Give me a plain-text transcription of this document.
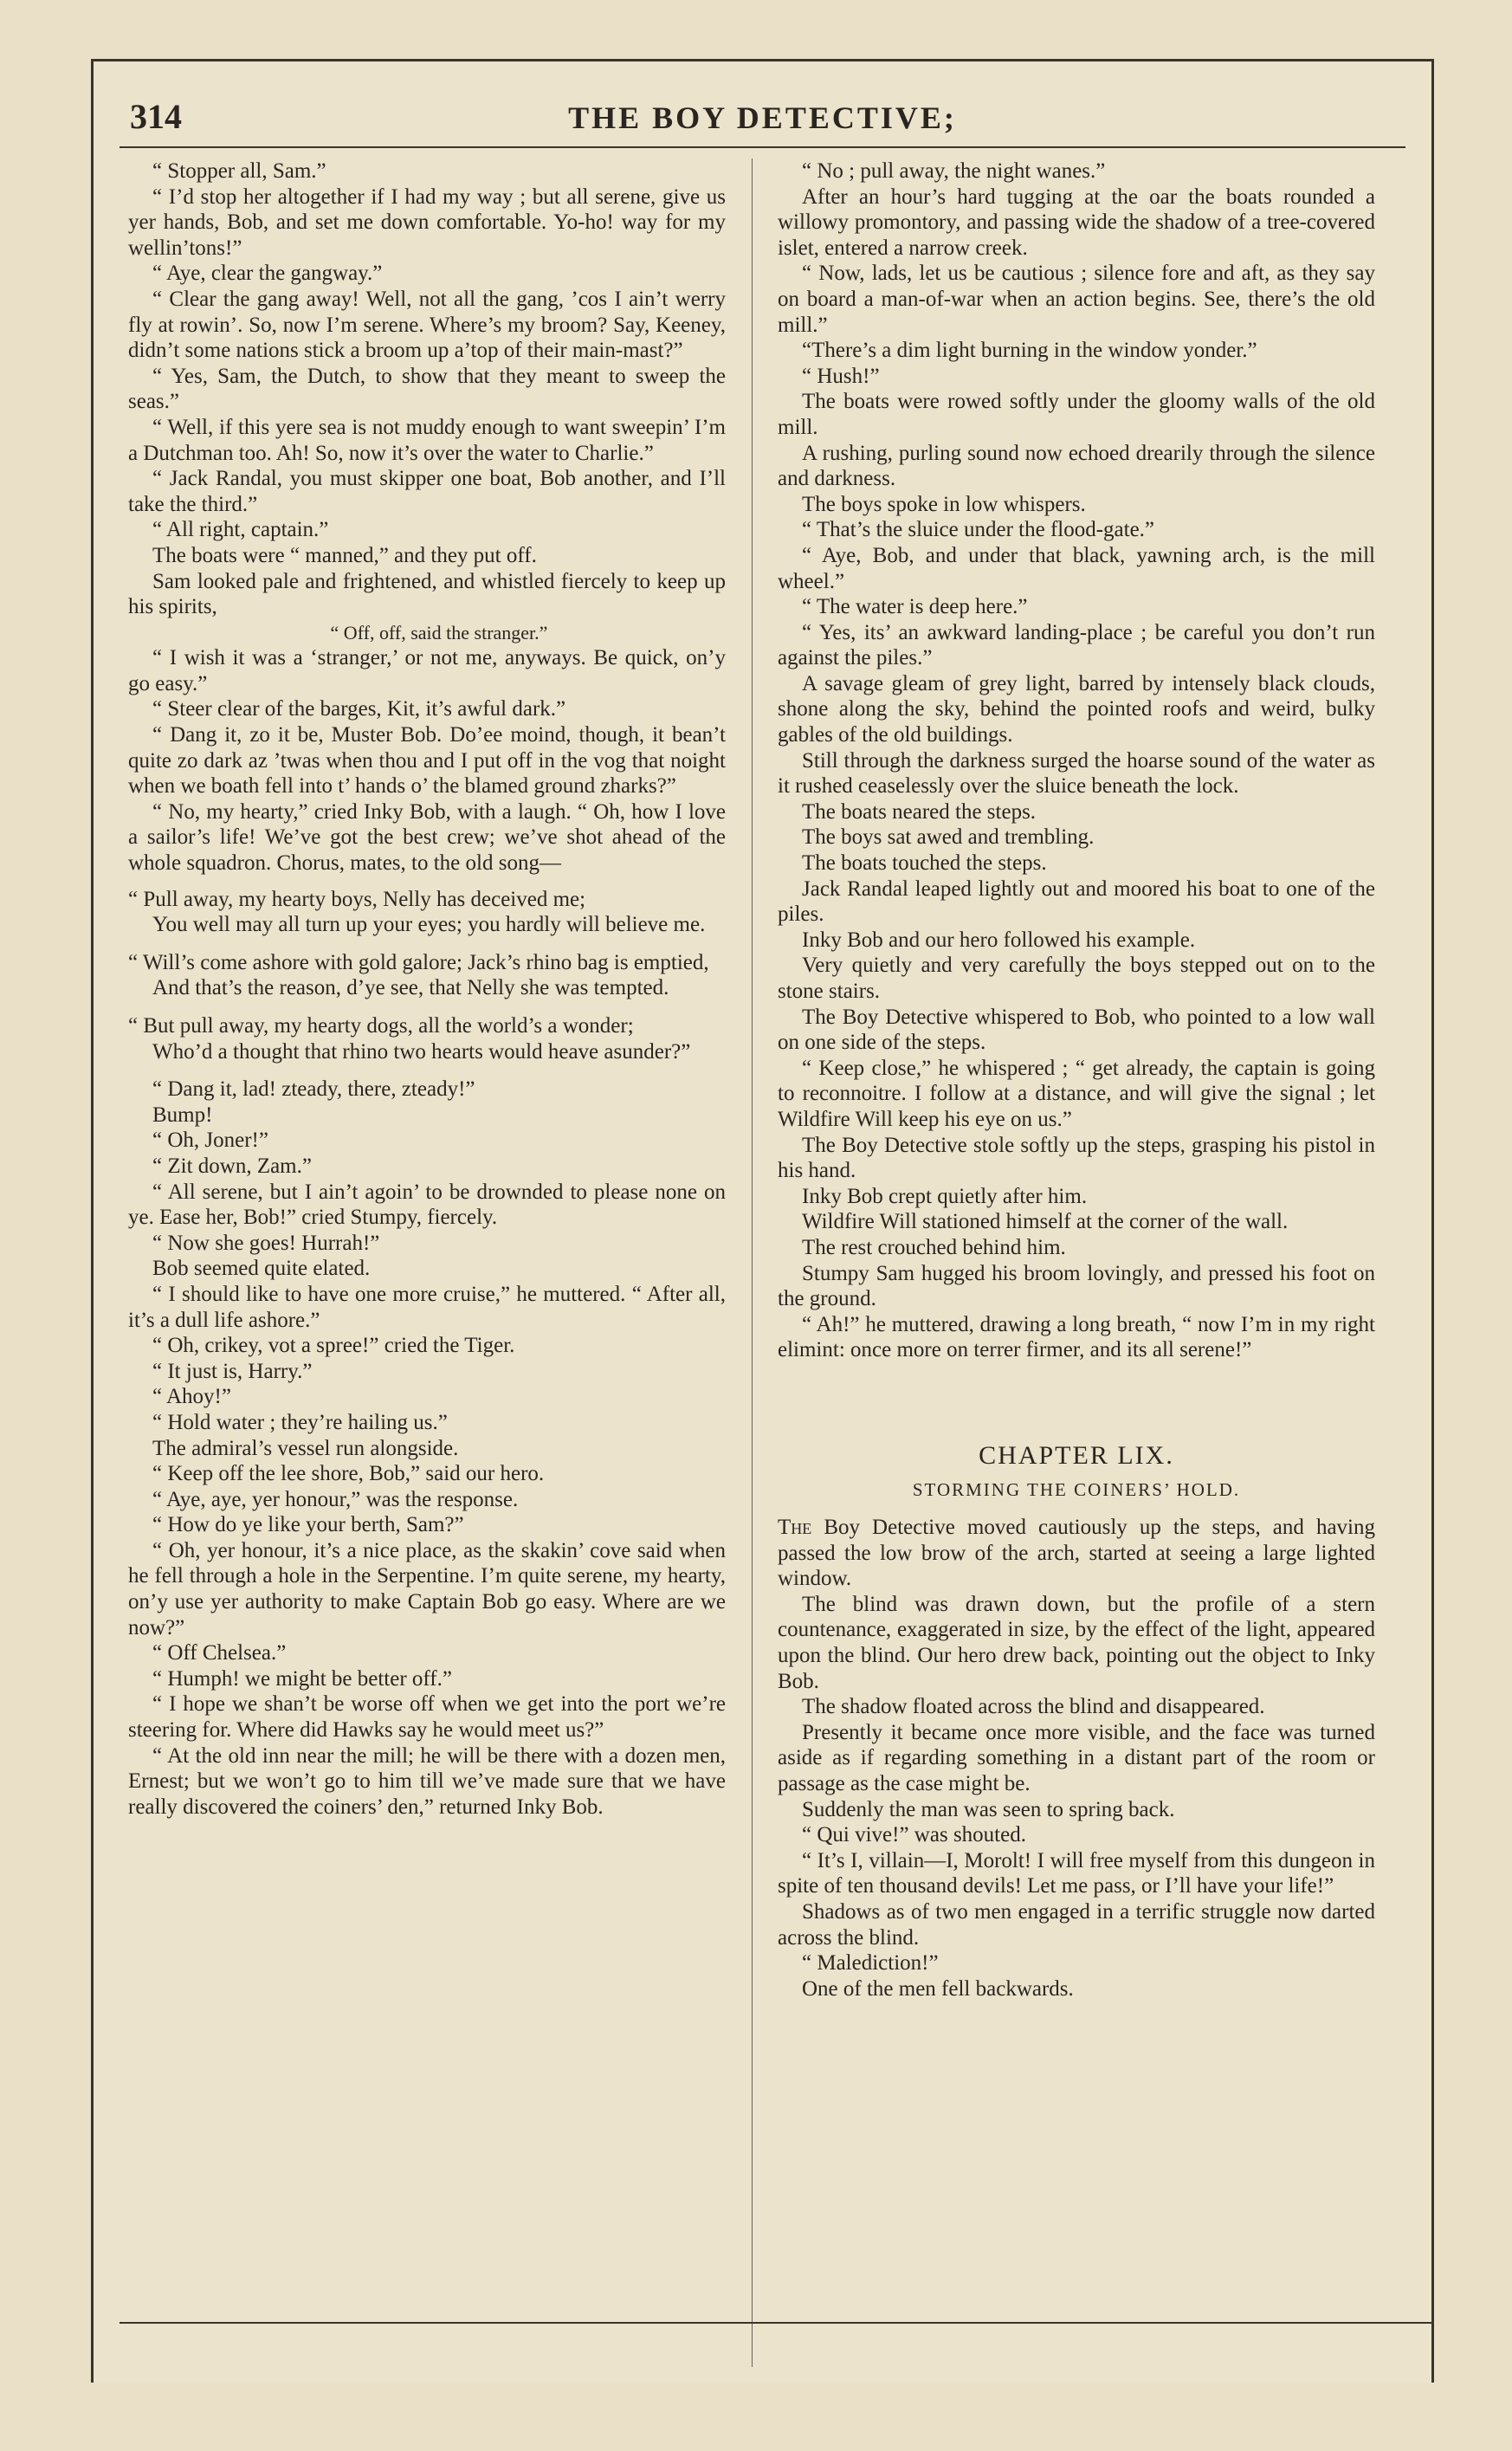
314	THE BOY DETECTIVE;

“ Stopper all, Sam.”

“ I’d stop her altogether if I had my way ; but all serene, give us yer hands, Bob, and set me down comfortable. Yo-ho! way for my wellin’tons!”

“ Aye, clear the gangway.”

“ Clear the gang away! Well, not all the gang, ’cos I ain’t werry fly at rowin’. So, now I’m serene. Where’s my broom? Say, Keeney, didn’t some nations stick a broom up a’top of their main-mast?”

“ Yes, Sam, the Dutch, to show that they meant to sweep the seas.”

“ Well, if this yere sea is not muddy enough to want sweepin’ I’m a Dutchman too. Ah! So, now it’s over the water to Charlie.”

“ Jack Randal, you must skipper one boat, Bob another, and I’ll take the third.”

“ All right, captain.”

The boats were “ manned,” and they put off.

Sam looked pale and frightened, and whistled fiercely to keep up his spirits,

“ Off, off, said the stranger.”

“ I wish it was a ‘stranger,’ or not me, anyways. Be quick, on’y go easy.”

“ Steer clear of the barges, Kit, it’s awful dark.”

“ Dang it, zo it be, Muster Bob. Do’ee moind, though, it bean’t quite zo dark az ’twas when thou and I put off in the vog that noight when we boath fell into t’ hands o’ the blamed ground zharks?”

“ No, my hearty,” cried Inky Bob, with a laugh. “ Oh, how I love a sailor’s life! We’ve got the best crew; we’ve shot ahead of the whole squadron. Chorus, mates, to the old song—

“ Pull away, my hearty boys, Nelly has deceived me;

You well may all turn up your eyes; you hardly will believe me.

“ Will’s come ashore with gold galore; Jack’s rhino bag is emptied,

And that’s the reason, d’ye see, that Nelly she was tempted.

“ But pull away, my hearty dogs, all the world’s a wonder;

Who’d a thought that rhino two hearts would heave asunder?”

“ Dang it, lad! zteady, there, zteady!”

Bump!

“ Oh, Joner!”

“ Zit down, Zam.”

“ All serene, but I ain’t agoin’ to be drownded to please none on ye. Ease her, Bob!” cried Stumpy, fiercely.

“ Now she goes! Hurrah!”

Bob seemed quite elated.

“ I should like to have one more cruise,” he muttered. “ After all, it’s a dull life ashore.”

“ Oh, crikey, vot a spree!” cried the Tiger.

“ It just is, Harry.”

“ Ahoy!”

“ Hold water ; they’re hailing us.”

The admiral’s vessel run alongside.

“ Keep off the lee shore, Bob,” said our hero.

“ Aye, aye, yer honour,” was the response.

“ How do ye like your berth, Sam?”

“ Oh, yer honour, it’s a nice place, as the skakin’ cove said when he fell through a hole in the Serpentine. I’m quite serene, my hearty, on’y use yer authority to make Captain Bob go easy. Where are we now?”

“ Off Chelsea.”

“ Humph! we might be better off.”

“ I hope we shan’t be worse off when we get into the port we’re steering for. Where did Hawks say he would meet us?”

“ At the old inn near the mill; he will be there with a dozen men, Ernest; but we won’t go to him till we’ve made sure that we have really discovered the coiners’ den,” returned Inky Bob.

“ No ; pull away, the night wanes.”

After an hour’s hard tugging at the oar the boats rounded a willowy promontory, and passing wide the shadow of a tree-covered islet, entered a narrow creek.

“ Now, lads, let us be cautious ; silence fore and aft, as they say on board a man-of-war when an action begins. See, there’s the old mill.”

“There’s a dim light burning in the window yonder.”

“ Hush!”

The boats were rowed softly under the gloomy walls of the old mill.

A rushing, purling sound now echoed drearily through the silence and darkness.

The boys spoke in low whispers.

“ That’s the sluice under the flood-gate.”

“ Aye, Bob, and under that black, yawning arch, is the mill wheel.”

“ The water is deep here.”

“ Yes, its’ an awkward landing-place ; be careful you don’t run against the piles.”

A savage gleam of grey light, barred by intensely black clouds, shone along the sky, behind the pointed roofs and weird, bulky gables of the old buildings.

Still through the darkness surged the hoarse sound of the water as it rushed ceaselessly over the sluice beneath the lock.

The boats neared the steps.

The boys sat awed and trembling.

The boats touched the steps.

Jack Randal leaped lightly out and moored his boat to one of the piles.

Inky Bob and our hero followed his example.

Very quietly and very carefully the boys stepped out on to the stone stairs.

The Boy Detective whispered to Bob, who pointed to a low wall on one side of the steps.

“ Keep close,” he whispered ; “ get already, the captain is going to reconnoitre. I follow at a distance, and will give the signal ; let Wildfire Will keep his eye on us.”

The Boy Detective stole softly up the steps, grasping his pistol in his hand.

Inky Bob crept quietly after him.

Wildfire Will stationed himself at the corner of the wall.

The rest crouched behind him.

Stumpy Sam hugged his broom lovingly, and pressed his foot on the ground.

“ Ah!” he muttered, drawing a long breath, “ now I’m in my right elimint: once more on terrer firmer, and its all serene!”

CHAPTER LIX.
STORMING THE COINERS’ HOLD.

The Boy Detective moved cautiously up the steps, and having passed the low brow of the arch, started at seeing a large lighted window.

The blind was drawn down, but the profile of a stern countenance, exaggerated in size, by the effect of the light, appeared upon the blind. Our hero drew back, pointing out the object to Inky Bob.

The shadow floated across the blind and disappeared.

Presently it became once more visible, and the face was turned aside as if regarding something in a distant part of the room or passage as the case might be.

Suddenly the man was seen to spring back.

“ Qui vive!” was shouted.

“ It’s I, villain—I, Morolt! I will free myself from this dungeon in spite of ten thousand devils! Let me pass, or I’ll have your life!”

Shadows as of two men engaged in a terrific struggle now darted across the blind.

“ Malediction!”

One of the men fell backwards.
